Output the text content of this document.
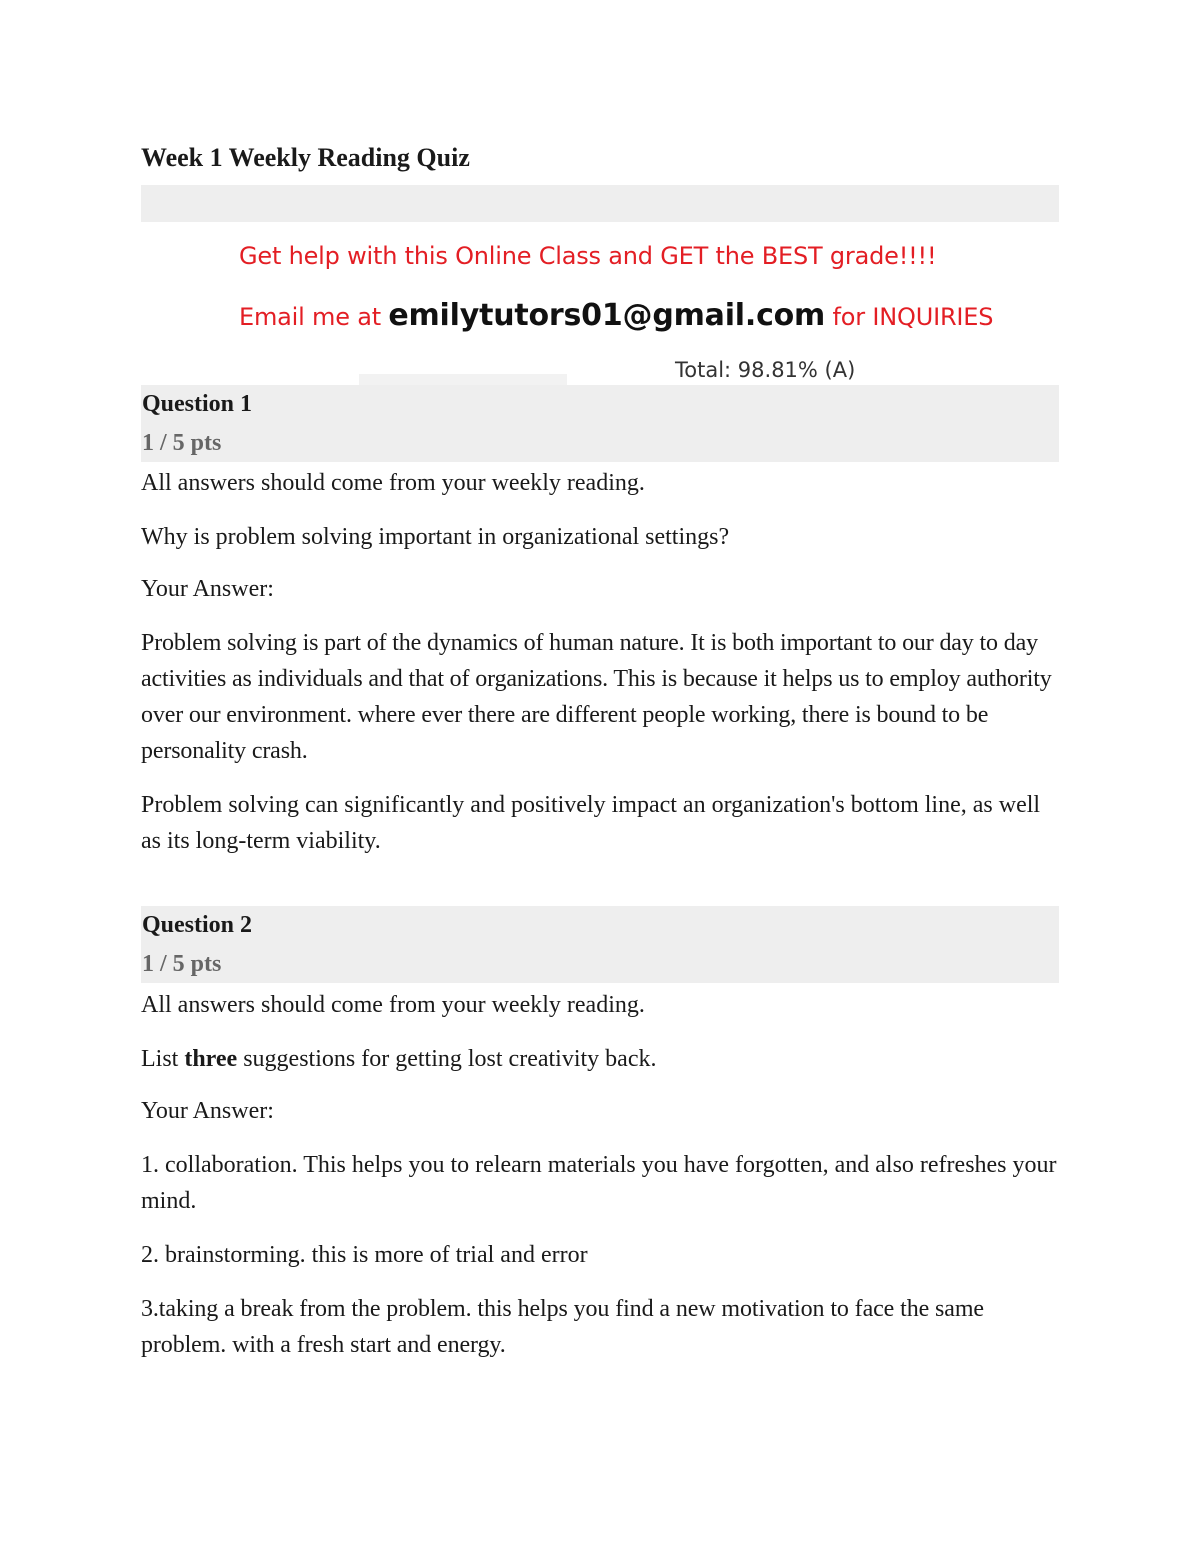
Week 1 Weekly Reading Quiz
Get help with this Online Class and GET the BEST grade!!!!
Email me at emilytutors01@gmail.com for INQUIRIES
Total: 98.81% (A)
Question 1
1 / 5 pts

All answers should come from your weekly reading.

Why is problem solving important in organizational settings?

Your Answer:

Problem solving is part of the dynamics of human nature. It is both important to our day to day activities as individuals and that of organizations. This is because it helps us to employ authority over our environment. where ever there are different people working, there is bound to be personality crash.

Problem solving can significantly and positively impact an organization's bottom line, as well as its long-term viability.

Question 2
1 / 5 pts

All answers should come from your weekly reading.

List three suggestions for getting lost creativity back.

Your Answer:

1. collaboration. This helps you to relearn materials you have forgotten, and also refreshes your mind.

2. brainstorming. this is more of trial and error

3.taking a break from the problem. this helps you find a new motivation to face the same problem. with a fresh start and energy.
